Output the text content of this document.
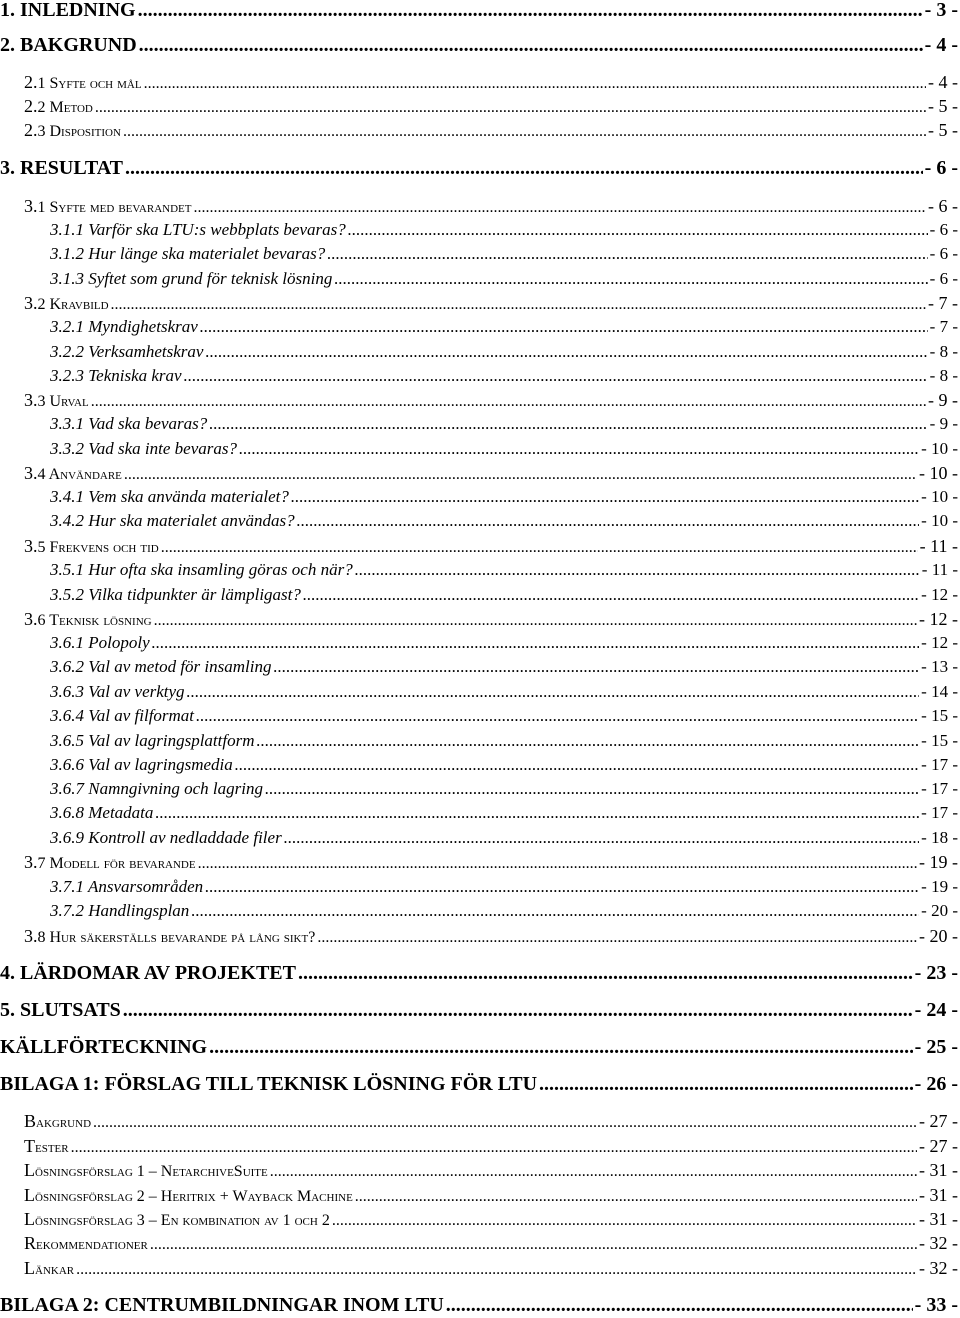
1. INLEDNING .....	- 3 -
2. BAKGRUND .....	- 4 -
2.1 Syfte och mål .....	- 4 -
2.2 Metod .....	- 5 -
2.3 Disposition .....	- 5 -
3. RESULTAT .....	- 6 -
3.1 Syfte med bevarandet .....	- 6 -
3.1.1 Varför ska LTU:s webbplats bevaras? .....	- 6 -
3.1.2 Hur länge ska materialet bevaras? .....	- 6 -
3.1.3 Syftet som grund för teknisk lösning .....	- 6 -
3.2 Kravbild .....	- 7 -
3.2.1 Myndighetskrav .....	- 7 -
3.2.2 Verksamhetskrav .....	- 8 -
3.2.3 Tekniska krav .....	- 8 -
3.3 Urval .....	- 9 -
3.3.1 Vad ska bevaras? .....	- 9 -
3.3.2 Vad ska inte bevaras? .....	- 10 -
3.4 Användare .....	- 10 -
3.4.1 Vem ska använda materialet? .....	- 10 -
3.4.2 Hur ska materialet användas? .....	- 10 -
3.5 Frekvens och tid .....	- 11 -
3.5.1 Hur ofta ska insamling göras och när? .....	- 11 -
3.5.2 Vilka tidpunkter är lämpligast? .....	- 12 -
3.6 Teknisk lösning .....	- 12 -
3.6.1 Polopoly .....	- 12 -
3.6.2 Val av metod för insamling .....	- 13 -
3.6.3 Val av verktyg .....	- 14 -
3.6.4 Val av filformat .....	- 15 -
3.6.5 Val av lagringsplattform .....	- 15 -
3.6.6 Val av lagringsmedia .....	- 17 -
3.6.7 Namngivning och lagring .....	- 17 -
3.6.8 Metadata .....	- 17 -
3.6.9 Kontroll av nedladdade filer .....	- 18 -
3.7 Modell för bevarande .....	- 19 -
3.7.1 Ansvarsområden .....	- 19 -
3.7.2 Handlingsplan .....	- 20 -
3.8 Hur säkerställs bevarande på lång sikt? .....	- 20 -
4. LÄRDOMAR AV PROJEKTET .....	- 23 -
5. SLUTSATS .....	- 24 -
KÄLLFÖRTECKNING .....	- 25 -
BILAGA 1: FÖRSLAG TILL TEKNISK LÖSNING FÖR LTU .....	- 26 -
Bakgrund .....	- 27 -
Tester .....	- 27 -
Lösningsförslag 1 – NetarchiveSuite .....	- 31 -
Lösningsförslag 2 – Heritrix + Wayback Machine .....	- 31 -
Lösningsförslag 3 – En kombination av 1 och 2 .....	- 31 -
Rekommendationer .....	- 32 -
Länkar .....	- 32 -
BILAGA 2: CENTRUMBILDNINGAR INOM LTU .....	- 33 -
